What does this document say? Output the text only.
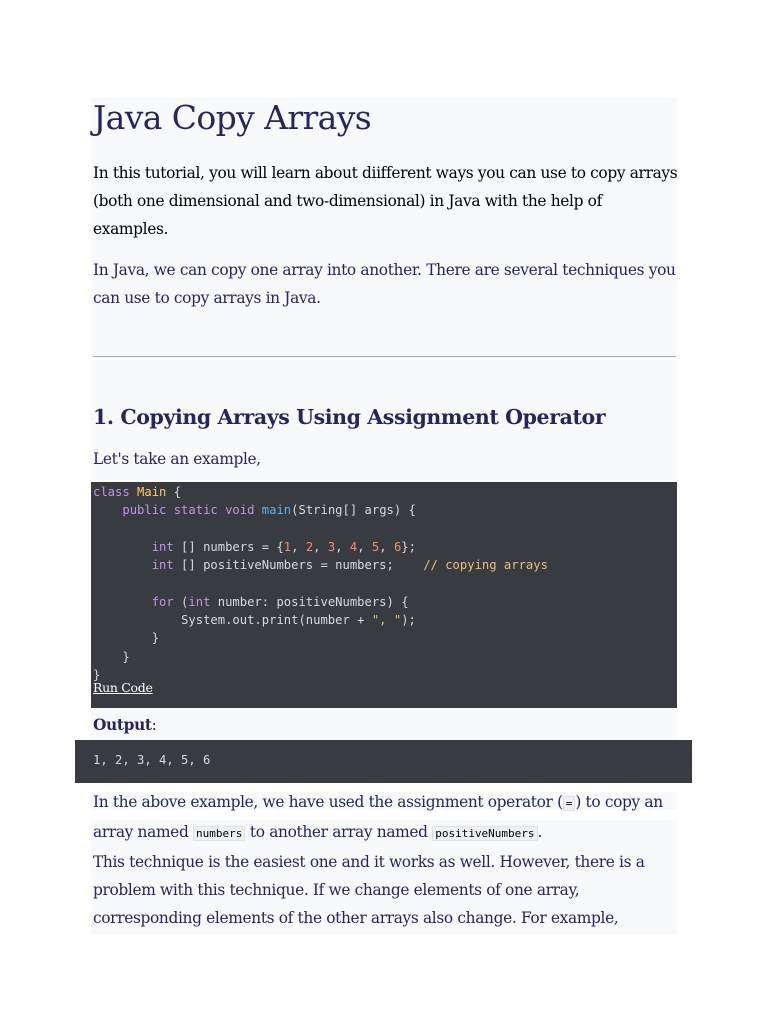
Java Copy Arrays

In this tutorial, you will learn about diifferent ways you can use to copy arrays (both one dimensional and two-dimensional) in Java with the help of examples.

In Java, we can copy one array into another. There are several techniques you can use to copy arrays in Java.

1. Copying Arrays Using Assignment Operator

Let's take an example,

class Main {
public static void main(String[] args) {

int [] numbers = {1, 2, 3, 4, 5, 6};
int [] positiveNumbers = numbers;    // copying arrays

for (int number: positiveNumbers) {
System.out.print(number + ", ");
}
}
}
Run Code
Output:
1, 2, 3, 4, 5, 6

In the above example, we have used the assignment operator ( = ) to copy an array named numbers to another array named positiveNumbers .
This technique is the easiest one and it works as well. However, there is a problem with this technique. If we change elements of one array, corresponding elements of the other arrays also change. For example,
